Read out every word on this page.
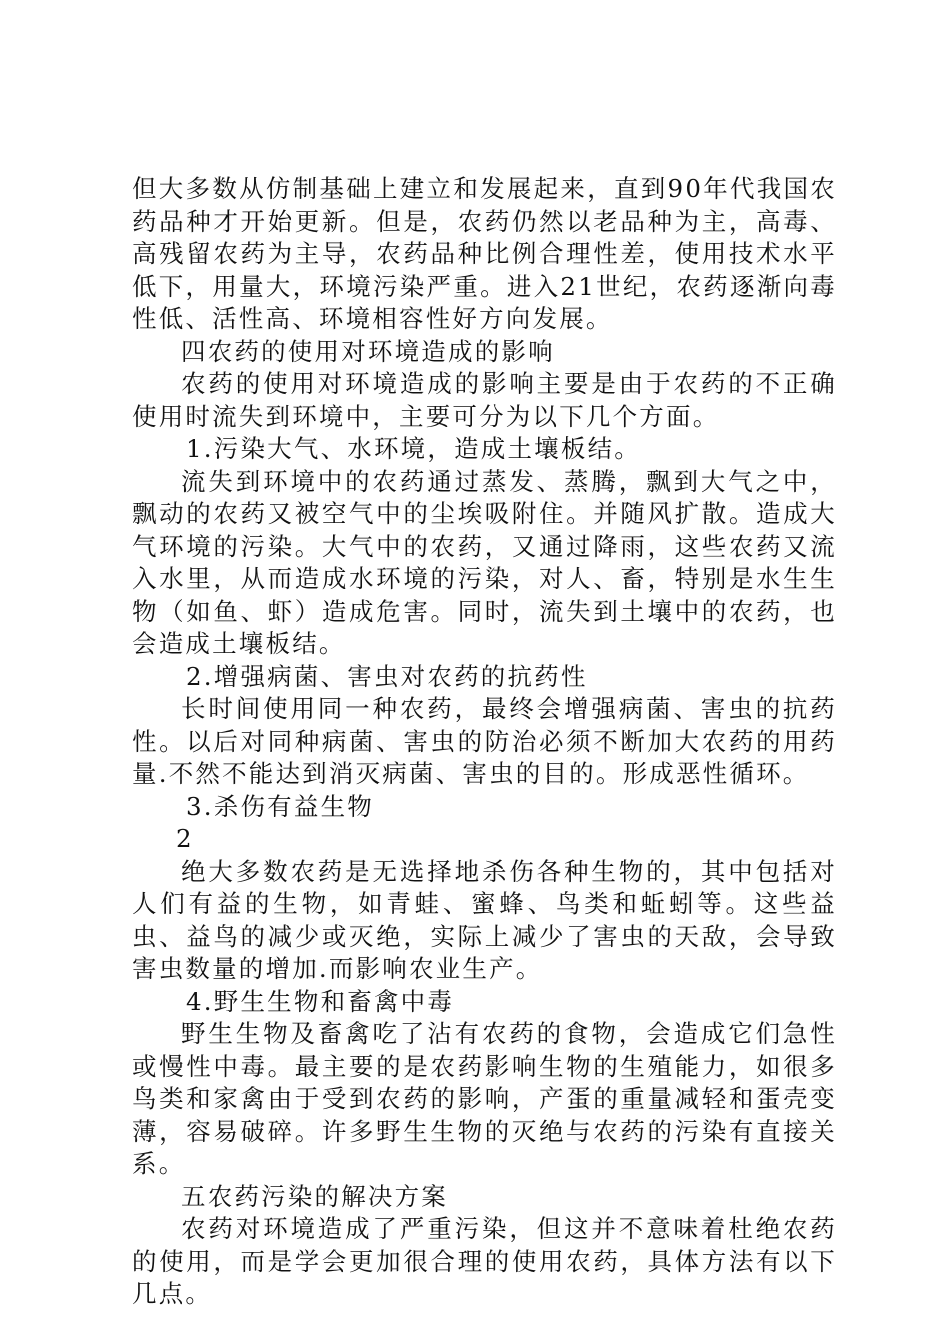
但大多数从仿制基础上建立和发展起来，直到90年代我国农药品种才开始更新。但是，农药仍然以老品种为主，高毒、高残留农药为主导，农药品种比例合理性差，使用技术水平低下，用量大，环境污染严重。进入21世纪，农药逐渐向毒性低、活性高、环境相容性好方向发展。

四农药的使用对环境造成的影响

农药的使用对环境造成的影响主要是由于农药的不正确使用时流失到环境中，主要可分为以下几个方面。

1.污染大气、水环境，造成土壤板结。

流失到环境中的农药通过蒸发、蒸腾，飘到大气之中，飘动的农药又被空气中的尘埃吸附住。并随风扩散。造成大气环境的污染。大气中的农药，又通过降雨，这些农药又流入水里，从而造成水环境的污染，对人、畜，特别是水生生物（如鱼、虾）造成危害。同时，流失到土壤中的农药，也会造成土壤板结。

2.增强病菌、害虫对农药的抗药性

长时间使用同一种农药，最终会增强病菌、害虫的抗药性。以后对同种病菌、害虫的防治必须不断加大农药的用药量.不然不能达到消灭病菌、害虫的目的。形成恶性循环。

3.杀伤有益生物

2

绝大多数农药是无选择地杀伤各种生物的，其中包括对人们有益的生物，如青蛙、蜜蜂、鸟类和蚯蚓等。这些益虫、益鸟的减少或灭绝，实际上减少了害虫的天敌，会导致害虫数量的增加.而影响农业生产。

4.野生生物和畜禽中毒

野生生物及畜禽吃了沾有农药的食物，会造成它们急性或慢性中毒。最主要的是农药影响生物的生殖能力，如很多鸟类和家禽由于受到农药的影响，产蛋的重量减轻和蛋壳变薄，容易破碎。许多野生生物的灭绝与农药的污染有直接关系。

五农药污染的解决方案

农药对环境造成了严重污染，但这并不意味着杜绝农药的使用，而是学会更加很合理的使用农药，具体方法有以下几点。
